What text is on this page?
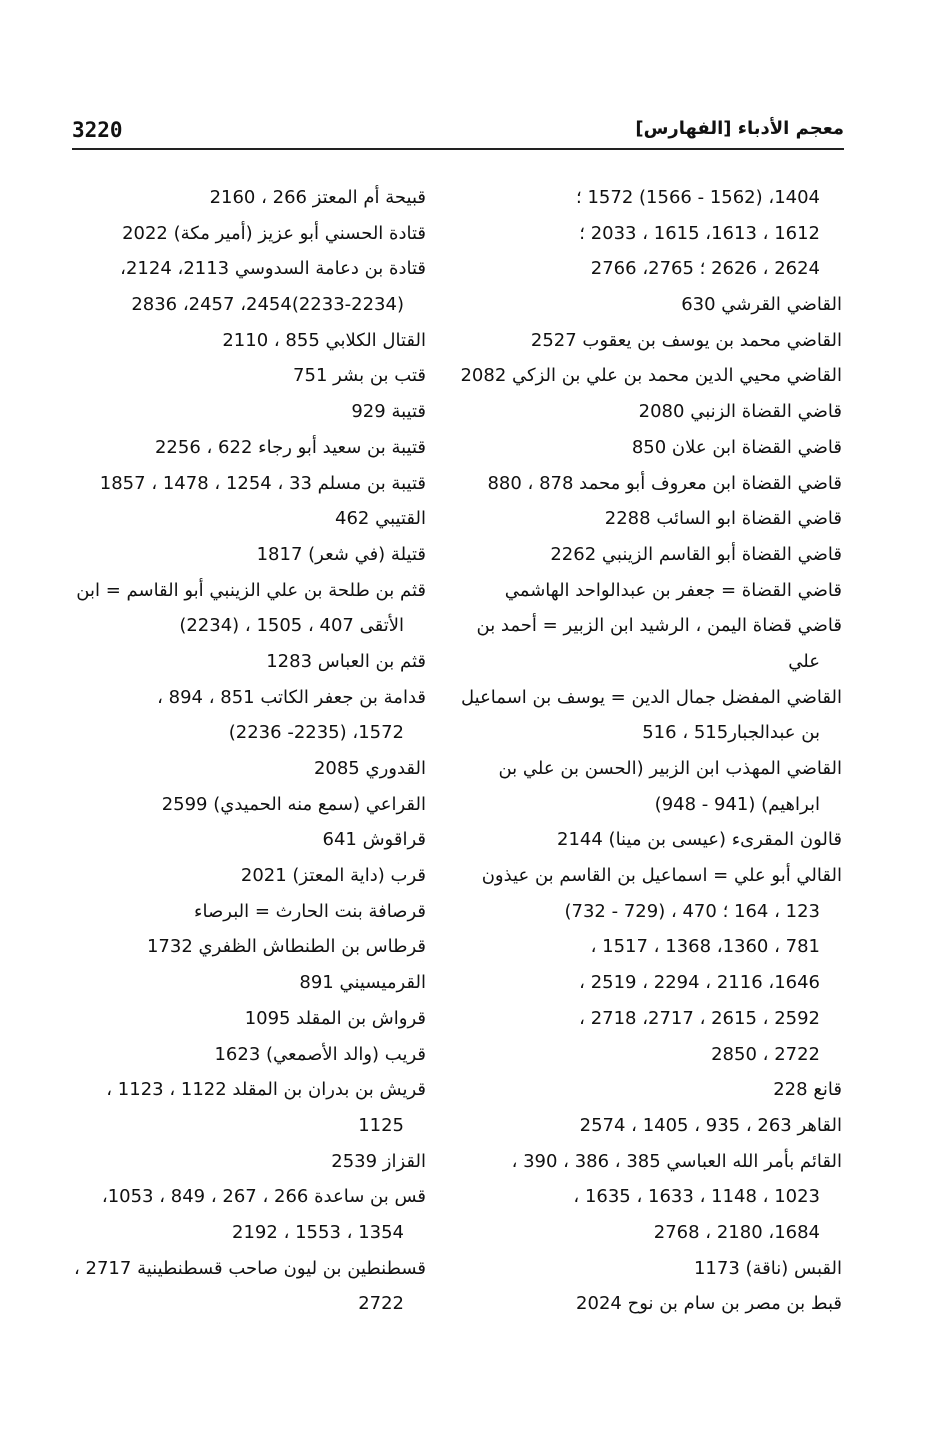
3220	معجم الأدباء [الفهارس]
1404، (1562 - 1566) 1572 ؛
1612 ، 1613، 1615 ، 2033 ؛
2624 ، 2626 ؛ 2765، 2766
القاضي القرشي 630
القاضي محمد بن يوسف بن يعقوب 2527
القاضي محيي الدين محمد بن علي بن الزكي 2082
قاضي القضاة الزنبي 2080
قاضي القضاة ابن علان 850
قاضي القضاة ابن معروف أبو محمد 878 ، 880
قاضي القضاة ابو السائب 2288
قاضي القضاة أبو القاسم الزينبي 2262
قاضي القضاة = جعفر بن عبدالواحد الهاشمي
قاضي قضاة اليمن ، الرشيد ابن الزبير = أحمد بن
علي
القاضي المفضل جمال الدين = يوسف بن اسماعيل
بن عبدالجبار515 ، 516
القاضي المهذب ابن الزبير (الحسن بن علي بن
ابراهيم) (941 - 948)
قالون المقرىء (عيسى بن مينا) 2144
القالي أبو علي = اسماعيل بن القاسم بن عيذون
123 ، 164 ؛ 470 ، (729 - 732)
781 ، 1360، 1368 ، 1517 ،
1646، 2116 ، 2294 ، 2519 ،
2592 ، 2615 ، 2717، 2718 ،
2722 ، 2850
قانع 228
القاهر 263 ، 935 ، 1405 ، 2574
القائم بأمر الله العباسي 385 ، 386 ، 390 ،
1023 ، 1148 ، 1633 ، 1635 ،
1684، 2180 ، 2768
القبس (ناقة) 1173
قبط بن مصر بن سام بن نوح 2024
قبيحة أم المعتز 266 ، 2160
قتادة الحسني أبو عزيز (أمير مكة) 2022
قتادة بن دعامة السدوسي 2113، 2124،
(2233-2234)2454، 2457، 2836
القتال الكلابي 855 ، 2110
قتب بن بشر 751
قتيبة 929
قتيبة بن سعيد أبو رجاء 622 ، 2256
قتيبة بن مسلم 33 ، 1254 ، 1478 ، 1857
القتيبي 462
قتيلة (في شعر) 1817
قثم بن طلحة بن علي الزينبي أبو القاسم = ابن
الأتقى 407 ، 1505 ، (2234)
قثم بن العباس 1283
قدامة بن جعفر الكاتب 851 ، 894 ،
1572، (2235- 2236)
القدوري 2085
القراعي (سمع منه الحميدي) 2599
قراقوش 641
قرب (داية المعتز) 2021
قرصافة بنت الحارث = البرصاء
قرطاس بن الطنطاش الظفري 1732
القرميسيني 891
قرواش بن المقلد 1095
قريب (والد الأصمعي) 1623
قريش بن بدران بن المقلد 1122 ، 1123 ،
1125
القزاز 2539
قس بن ساعدة 266 ، 267 ، 849 ، 1053،
1354 ، 1553 ، 2192
قسطنطين بن ليون صاحب قسطنطينية 2717 ،
2722
